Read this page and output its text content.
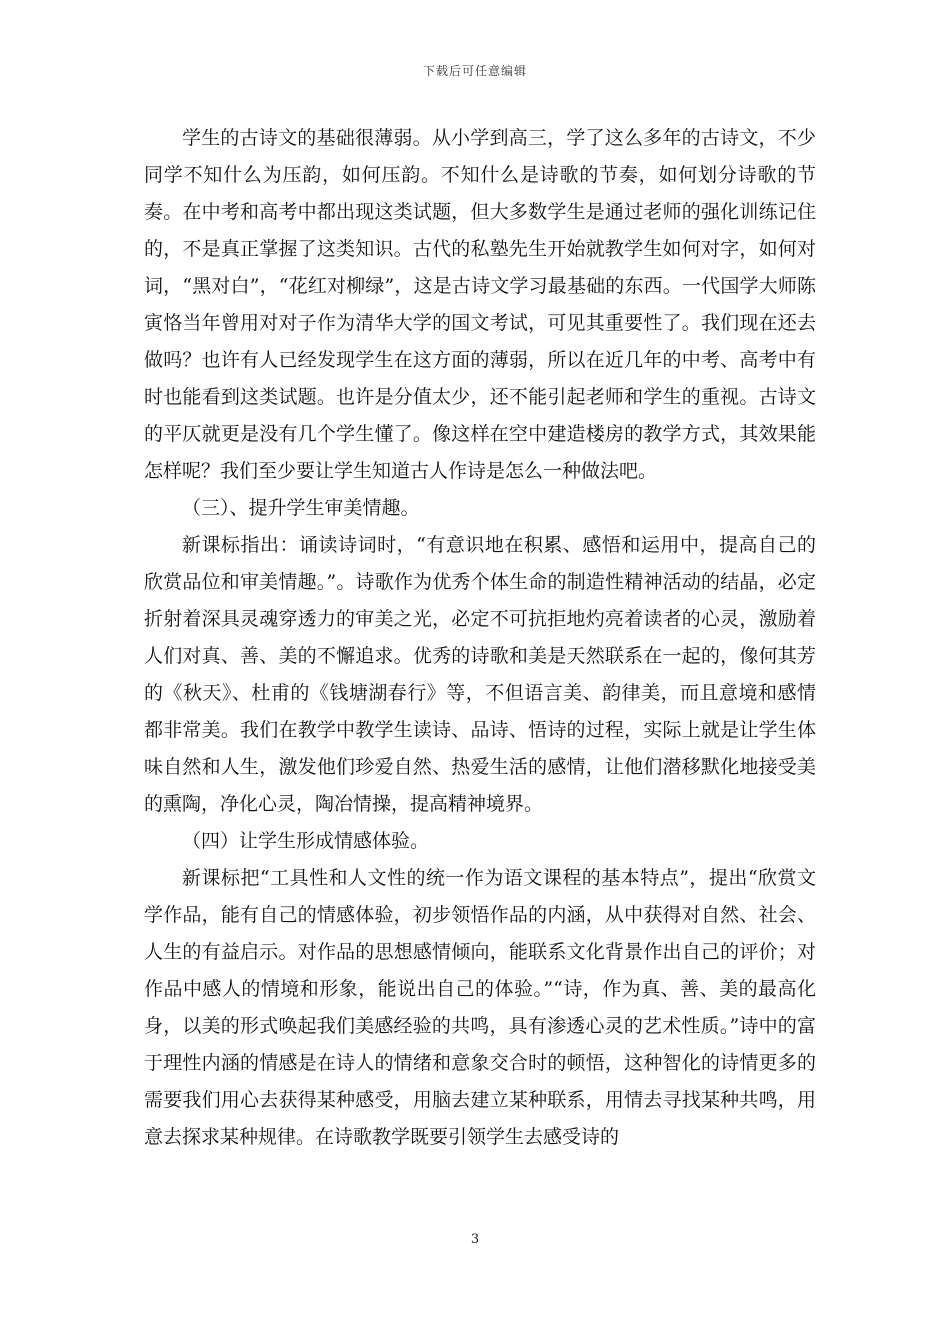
下载后可任意编辑

学生的古诗文的基础很薄弱。从小学到高三，学了这么多年的古诗文，不少同学不知什么为压韵，如何压韵。不知什么是诗歌的节奏，如何划分诗歌的节奏。在中考和高考中都出现这类试题，但大多数学生是通过老师的强化训练记住的，不是真正掌握了这类知识。古代的私塾先生开始就教学生如何对字，如何对词，“黑对白”，“花红对柳绿”，这是古诗文学习最基础的东西。一代国学大师陈寅恪当年曾用对对子作为清华大学的国文考试，可见其重要性了。我们现在还去做吗？也许有人已经发现学生在这方面的薄弱，所以在近几年的中考、高考中有时也能看到这类试题。也许是分值太少，还不能引起老师和学生的重视。古诗文的平仄就更是没有几个学生懂了。像这样在空中建造楼房的教学方式，其效果能怎样呢？我们至少要让学生知道古人作诗是怎么一种做法吧。

（三）、提升学生审美情趣。

新课标指出：诵读诗词时，“有意识地在积累、感悟和运用中，提高自己的欣赏品位和审美情趣。”。诗歌作为优秀个体生命的制造性精神活动的结晶，必定折射着深具灵魂穿透力的审美之光，必定不可抗拒地灼亮着读者的心灵，激励着人们对真、善、美的不懈追求。优秀的诗歌和美是天然联系在一起的，像何其芳的《秋天》、杜甫的《钱塘湖春行》等，不但语言美、韵律美，而且意境和感情都非常美。我们在教学中教学生读诗、品诗、悟诗的过程，实际上就是让学生体味自然和人生，激发他们珍爱自然、热爱生活的感情，让他们潜移默化地接受美的熏陶，净化心灵，陶冶情操，提高精神境界。

（四）让学生形成情感体验。

新课标把“工具性和人文性的统一作为语文课程的基本特点”，提出“欣赏文学作品，能有自己的情感体验，初步领悟作品的内涵，从中获得对自然、社会、人生的有益启示。对作品的思想感情倾向，能联系文化背景作出自己的评价；对作品中感人的情境和形象，能说出自己的体验。”“诗，作为真、善、美的最高化身，以美的形式唤起我们美感经验的共鸣，具有渗透心灵的艺术性质。”诗中的富于理性内涵的情感是在诗人的情绪和意象交合时的顿悟，这种智化的诗情更多的需要我们用心去获得某种感受，用脑去建立某种联系，用情去寻找某种共鸣，用意去探求某种规律。在诗歌教学既要引领学生去感受诗的

3
